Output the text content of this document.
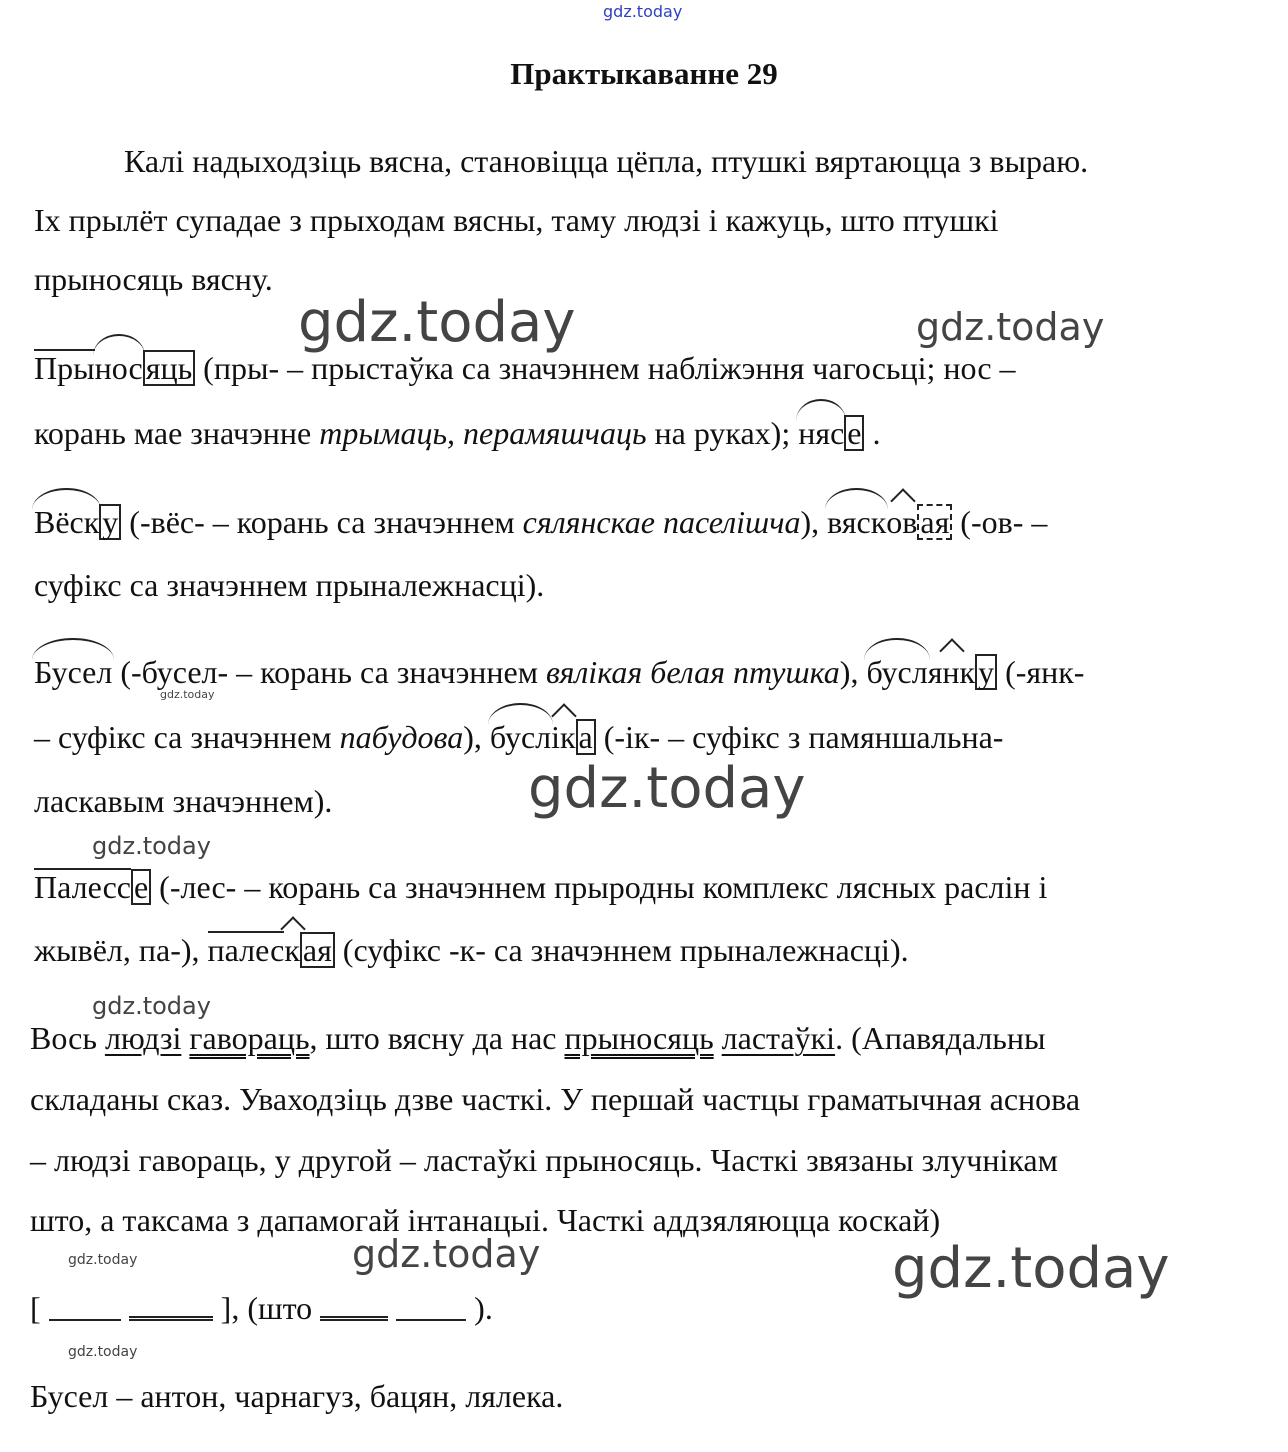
gdz.today
gdz.today	gdz.today
gdz.today
gdz.today
gdz.today
gdz.today
gdz.today	gdz.today
gdz.today
gdz.today
Практыкаванне 29
Калі надыходзіць вясна, становіцца цёпла, птушкі вяртаюцца з выраю.
Іх прылёт супадае з прыходам вясны, таму людзі і кажуць, што птушкі
прыносяць вясну.
Прыносяць (пры- – прыстаўка са значэннем набліжэння чагосьці; нос –
корань мае значэнне трымаць, перамяшчаць на руках); нясе .
Вёску (-вёс- – корань са значэннем сялянскае паселішча), вясковая (-ов- –
суфікс са значэннем прыналежнасці).
Бусел (-бусел- – корань са значэннем вялікая белая птушка), буслянку (-янк-
– суфікс са значэннем пабудова), бусліка (-ік- – суфікс з памяншальна-
ласкавым значэннем).
Палессе (-лес- – корань са значэннем прыродны комплекс лясных раслін і
жывёл, па-), палеская (суфікс -к- са значэннем прыналежнасці).
Вось людзі гавораць, што вясну да нас прыносяць ластаўкі. (Апавядальны
складаны сказ. Уваходзіць дзве часткі. У першай частцы граматычная аснова
– людзі гавораць, у другой – ластаўкі прыносяць. Часткі звязаны злучнікам
што, а таксама з дапамогай інтанацыі. Часткі аддзяляюцца коскай)
[	], (што	).
Бусел – антон, чарнагуз, бацян, лялека.
